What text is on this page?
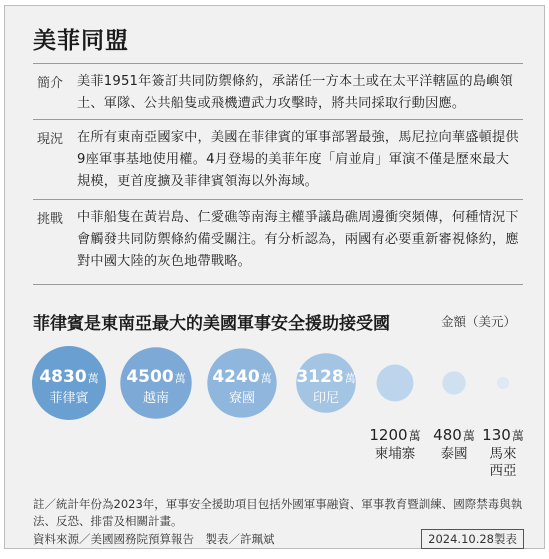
美菲同盟
簡介 美菲1951年簽訂共同防禦條約，承諾任一方本土或在太平洋轄區的島嶼領土、軍隊、公共船隻或飛機遭武力攻擊時，將共同採取行動因應。
現況 在所有東南亞國家中，美國在菲律賓的軍事部署最強，馬尼拉向華盛頓提供9座軍事基地使用權。4月登場的美菲年度「肩並肩」軍演不僅是歷來最大規模，更首度擴及菲律賓領海以外海域。
挑戰 中菲船隻在黃岩島、仁愛礁等南海主權爭議島礁周邊衝突頻傳，何種情況下會觸發共同防禦條約備受關注。有分析認為，兩國有必要重新審視條約，應對中國大陸的灰色地帶戰略。
菲律賓是東南亞最大的美國軍事安全援助接受國	金額（美元）
4830萬
菲律賓
4500萬
越南
4240萬
寮國
3128萬
印尼
1200萬
柬埔寨
480萬
泰國
130萬
馬來
西亞
註／統計年份為2023年，軍事安全援助項目包括外國軍事融資、軍事教育暨訓練、國際禁毒與執法、反恐、排雷及相關計畫。
資料來源／美國國務院預算報告　製表／許珮斌	2024.10.28製表
